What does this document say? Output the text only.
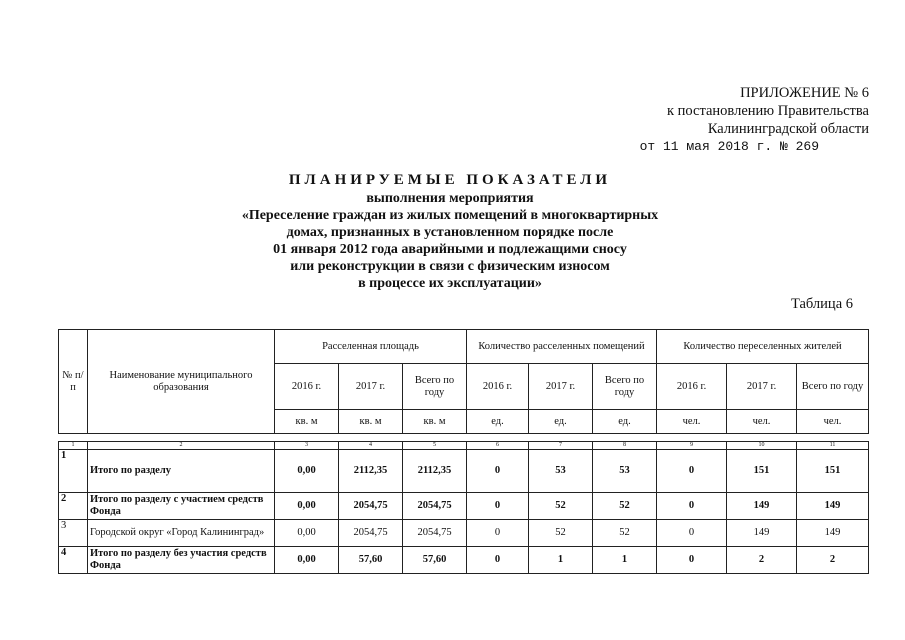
ПРИЛОЖЕНИЕ № 6
к постановлению Правительства
Калининградской области
от 11 мая 2018 г. № 269
ПЛАНИРУЕМЫЕ ПОКАЗАТЕЛИ
выполнения мероприятия
«Переселение граждан из жилых помещений в многоквартирных
домах, признанных в установленном порядке после
01 января 2012 года аварийными и подлежащими сносу
или реконструкции в связи с физическим износом
в процессе их эксплуатации»
Таблица 6
№ п/п	Наименование муниципального образования	Расселенная площадь			Количество расселенных помещений			Количество переселенных жителей		
		2016 г.	2017 г.	Всего по году	2016 г.	2017 г.	Всего по году	2016 г.	2017 г.	Всего по году
		кв. м	кв. м	кв. м	ед.	ед.	ед.	чел.	чел.	чел.
1	2	3	4	5	6	7	8	9	10	11
1	Итого по разделу	0,00	2112,35	2112,35	0	53	53	0	151	151
2	Итого по разделу с участием средств Фонда	0,00	2054,75	2054,75	0	52	52	0	149	149
3	Городской округ «Город Калининград»	0,00	2054,75	2054,75	0	52	52	0	149	149
4	Итого по разделу без участия средств Фонда	0,00	57,60	57,60	0	1	1	0	2	2
